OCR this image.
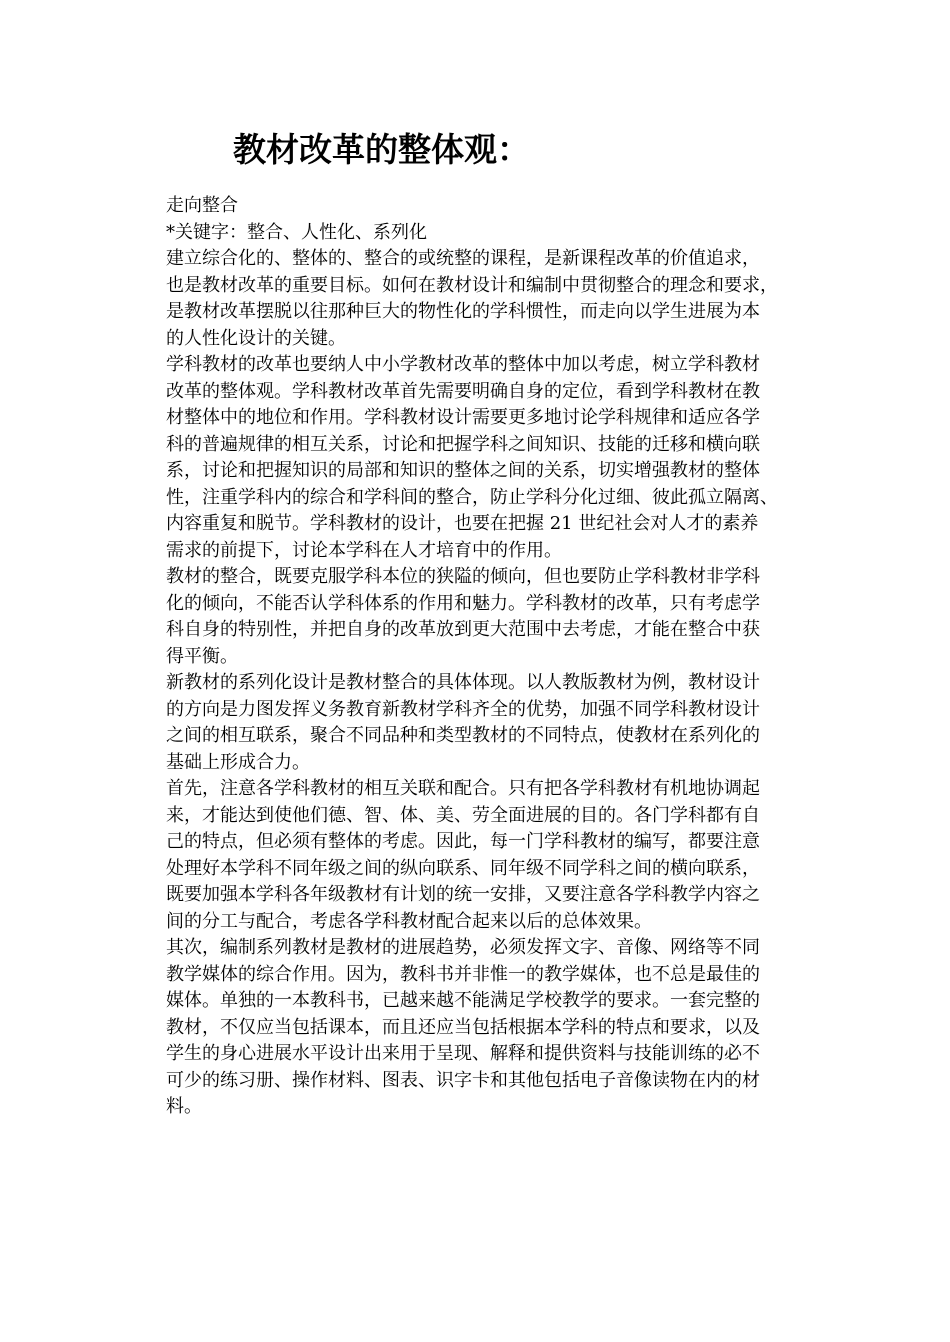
教材改革的整体观：
走向整合
*关键字：整合、人性化、系列化
建立综合化的、整体的、整合的或统整的课程，是新课程改革的价值追求，
也是教材改革的重要目标。如何在教材设计和编制中贯彻整合的理念和要求，
是教材改革摆脱以往那种巨大的物性化的学科惯性，而走向以学生进展为本
的人性化设计的关键。
学科教材的改革也要纳人中小学教材改革的整体中加以考虑，树立学科教材
改革的整体观。学科教材改革首先需要明确自身的定位，看到学科教材在教
材整体中的地位和作用。学科教材设计需要更多地讨论学科规律和适应各学
科的普遍规律的相互关系，讨论和把握学科之间知识、技能的迁移和横向联
系，讨论和把握知识的局部和知识的整体之间的关系，切实增强教材的整体
性，注重学科内的综合和学科间的整合，防止学科分化过细、彼此孤立隔离、
内容重复和脱节。学科教材的设计，也要在把握 21 世纪社会对人才的素养
需求的前提下，讨论本学科在人才培育中的作用。
教材的整合，既要克服学科本位的狭隘的倾向，但也要防止学科教材非学科
化的倾向，不能否认学科体系的作用和魅力。学科教材的改革，只有考虑学
科自身的特别性，并把自身的改革放到更大范围中去考虑，才能在整合中获
得平衡。
新教材的系列化设计是教材整合的具体体现。以人教版教材为例，教材设计
的方向是力图发挥义务教育新教材学科齐全的优势，加强不同学科教材设计
之间的相互联系，聚合不同品种和类型教材的不同特点，使教材在系列化的
基础上形成合力。
首先，注意各学科教材的相互关联和配合。只有把各学科教材有机地协调起
来，才能达到使他们德、智、体、美、劳全面进展的目的。各门学科都有自
己的特点，但必须有整体的考虑。因此，每一门学科教材的编写，都要注意
处理好本学科不同年级之间的纵向联系、同年级不同学科之间的横向联系，
既要加强本学科各年级教材有计划的统一安排，又要注意各学科教学内容之
间的分工与配合，考虑各学科教材配合起来以后的总体效果。
其次，编制系列教材是教材的进展趋势，必须发挥文字、音像、网络等不同
教学媒体的综合作用。因为，教科书并非惟一的教学媒体，也不总是最佳的
媒体。单独的一本教科书，已越来越不能满足学校教学的要求。一套完整的
教材，不仅应当包括课本，而且还应当包括根据本学科的特点和要求，以及
学生的身心进展水平设计出来用于呈现、解释和提供资料与技能训练的必不
可少的练习册、操作材料、图表、识字卡和其他包括电子音像读物在内的材
料。
